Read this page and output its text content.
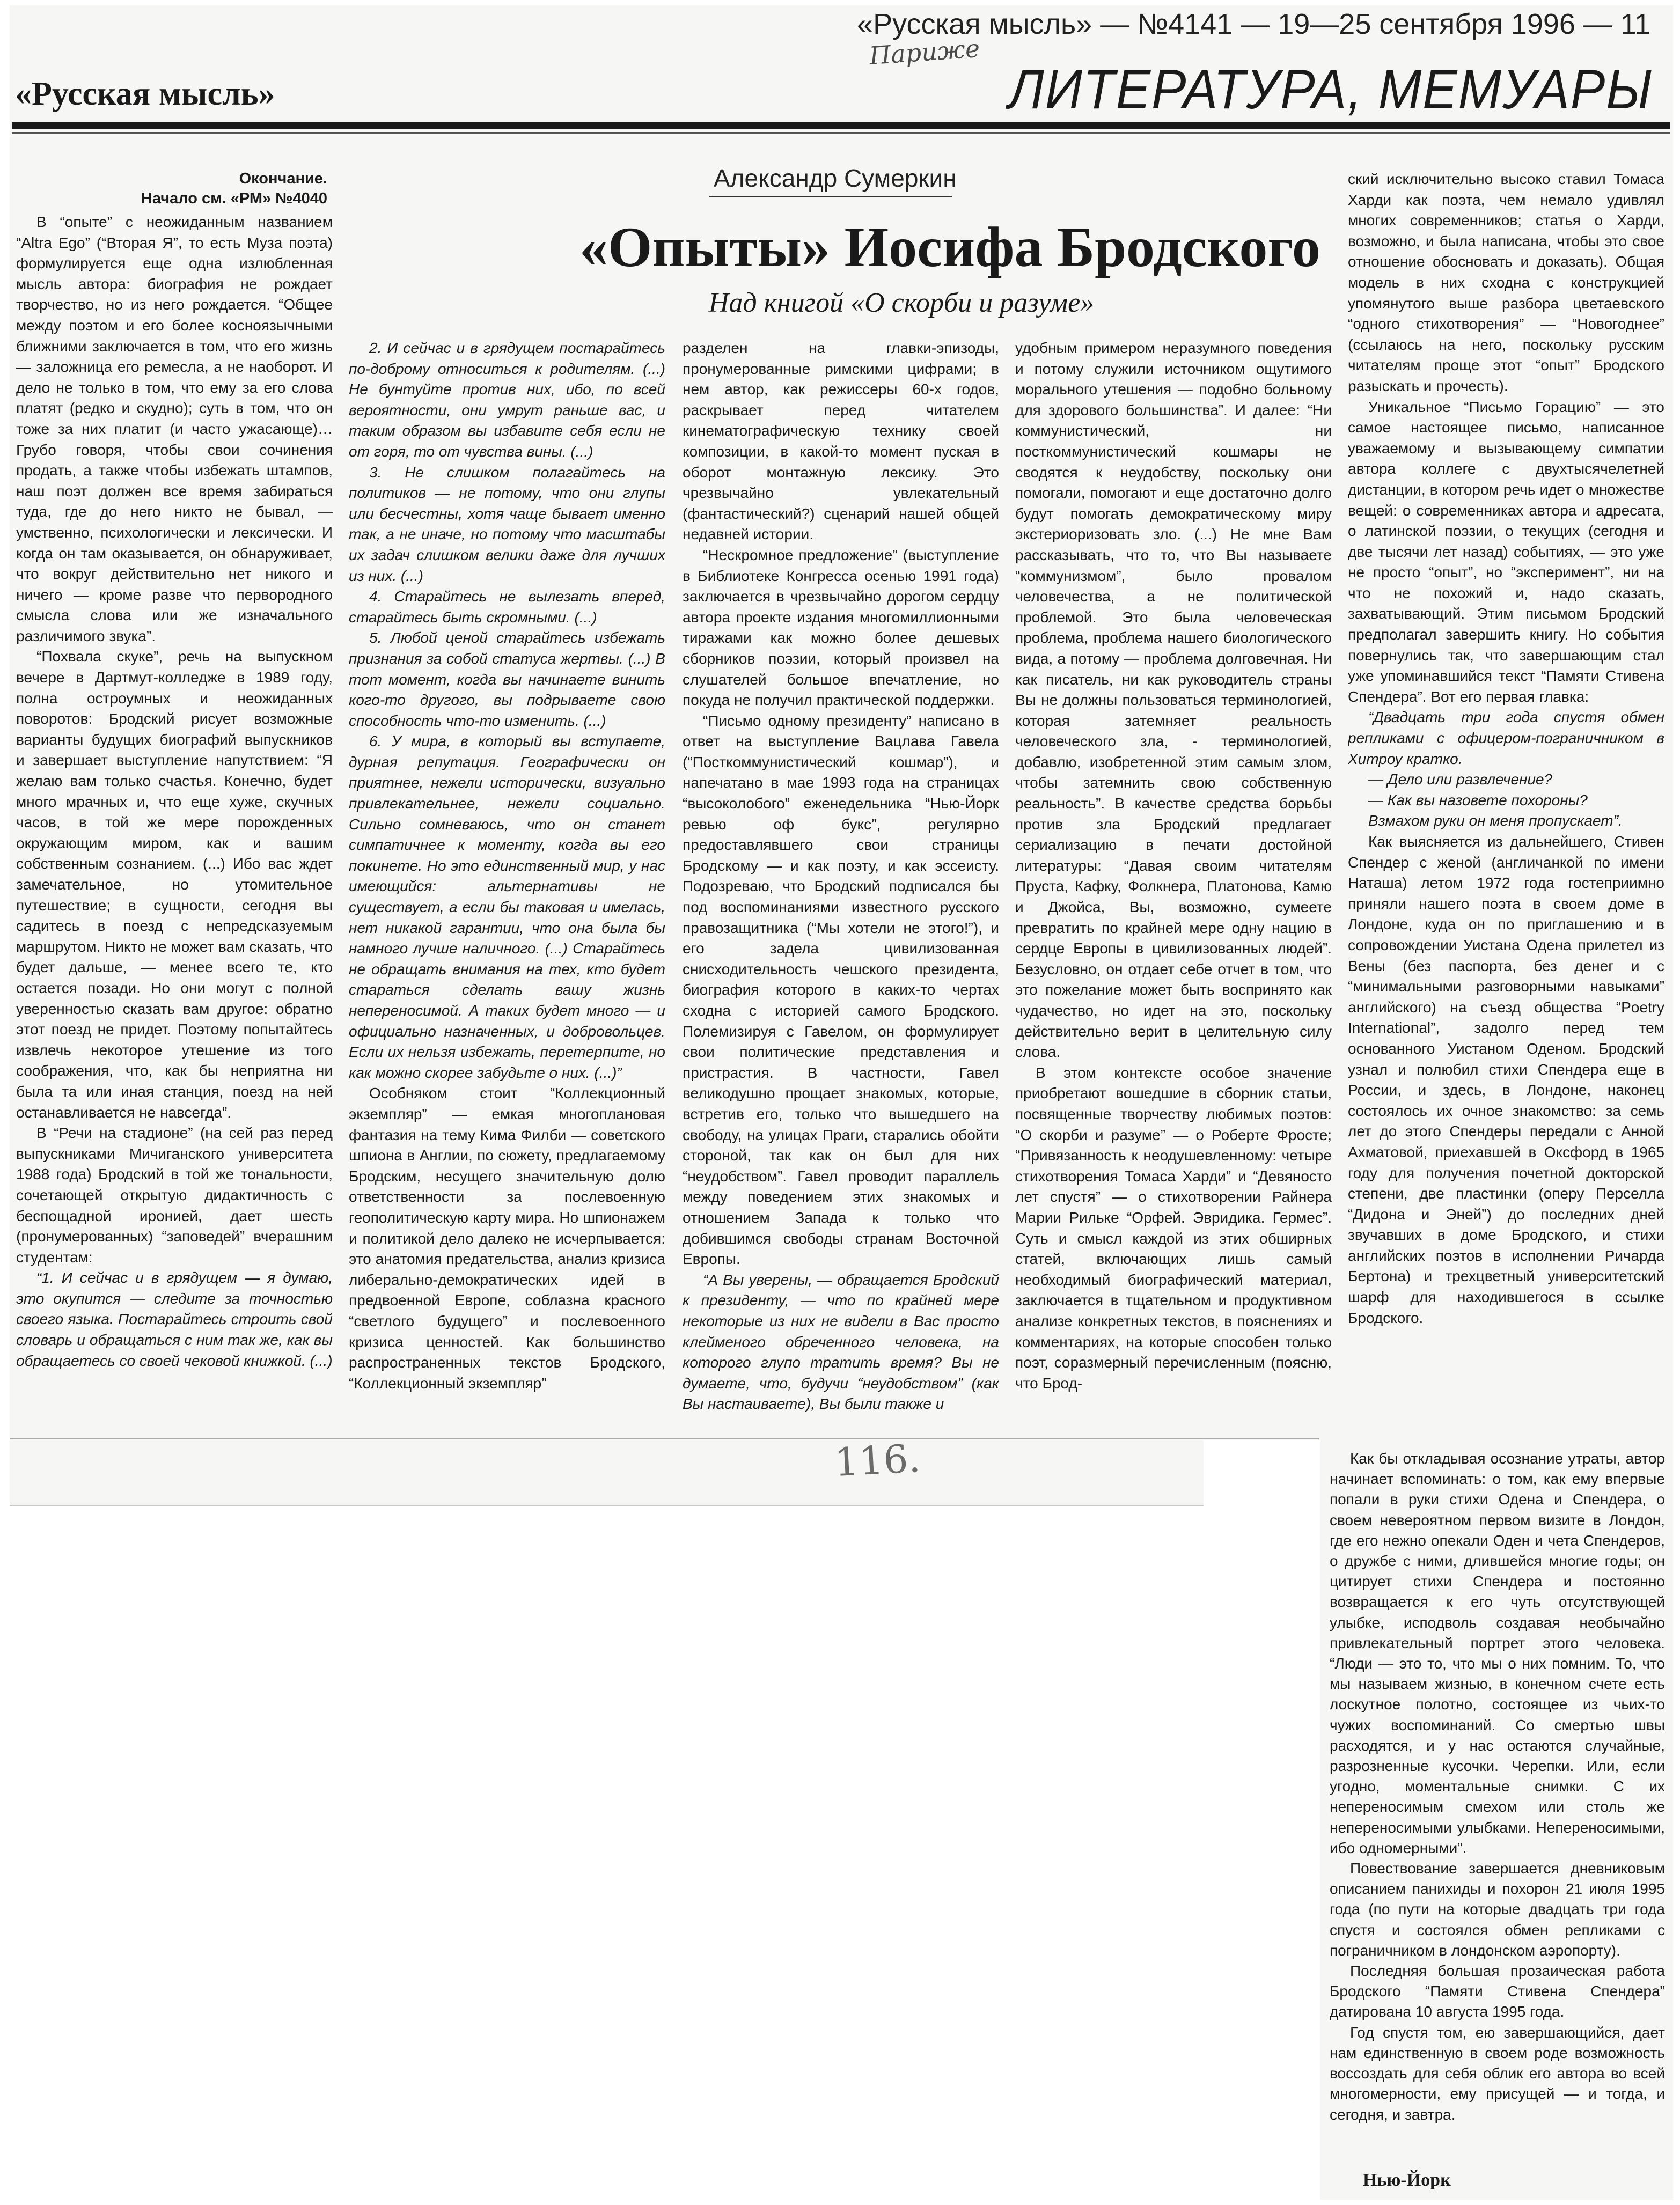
«Русская мысль» — №4141 — 19—25 сентября 1996 — 11
«Русская мысль»	ЛИТЕРАТУРА, МЕМУАРЫ
Париже
Александр Сумеркин
«Опыты» Иосифа Бродского
Над книгой «О скорби и разуме»
Окончание.
Начало см. «РМ» №4040

В “опыте” с неожиданным названием “Altra Ego” (“Вторая Я”, то есть Муза поэта) формулируется еще одна излюбленная мысль автора: биография не рождает творчество, но из него рождается. “Общее между поэтом и его более косноязычными ближними заключается в том, что его жизнь — заложница его ремесла, а не наоборот. И дело не только в том, что ему за его слова платят (редко и скудно); суть в том, что он тоже за них платит (и часто ужасающе)… Грубо говоря, чтобы свои сочинения продать, а также чтобы избежать штампов, наш поэт должен все время забираться туда, где до него никто не бывал, — умственно, психологически и лексически. И когда он там оказывается, он обнаруживает, что вокруг действительно нет никого и ничего — кроме разве что первородного смысла слова или же изначального различимого звука”.

“Похвала скуке”, речь на выпускном вечере в Дартмут-колледже в 1989 году, полна остроумных и неожиданных поворотов: Бродский рисует возможные варианты будущих биографий выпускников и завершает выступление напутствием: “Я желаю вам только счастья. Конечно, будет много мрачных и, что еще хуже, скучных часов, в той же мере порожденных окружающим миром, как и вашим собственным сознанием. (...) Ибо вас ждет замечательное, но утомительное путешествие; в сущности, сегодня вы садитесь в поезд с непредсказуемым маршрутом. Никто не может вам сказать, что будет дальше, — менее всего те, кто остается позади. Но они могут с полной уверенностью сказать вам другое: обратно этот поезд не придет. Поэтому попытайтесь извлечь некоторое утешение из того соображения, что, как бы неприятна ни была та или иная станция, поезд на ней останавливается не навсегда”.

В “Речи на стадионе” (на сей раз перед выпускниками Мичиганского университета 1988 года) Бродский в той же тональности, сочетающей открытую дидактичность с беспощадной иронией, дает шесть (пронумерованных) “заповедей” вчерашним студентам:

“1. И сейчас и в грядущем — я думаю, это окупится — следите за точностью своего языка. Постарайтесь строить свой словарь и обращаться с ним так же, как вы обращаетесь со своей чековой книжкой. (...)

2. И сейчас и в грядущем постарайтесь по-доброму относиться к родителям. (...) Не бунтуйте против них, ибо, по всей вероятности, они умрут раньше вас, и таким образом вы избавите себя если не от горя, то от чувства вины. (...)

3. Не слишком полагайтесь на политиков — не потому, что они глупы или бесчестны, хотя чаще бывает именно так, а не иначе, но потому что масштабы их задач слишком велики даже для лучших из них. (...)

4. Старайтесь не вылезать вперед, старайтесь быть скромными. (...)

5. Любой ценой старайтесь избежать признания за собой статуса жертвы. (...) В тот момент, когда вы начинаете винить кого-то другого, вы подрываете свою способность что-то изменить. (...)

6. У мира, в который вы вступаете, дурная репутация. Географически он приятнее, нежели исторически, визуально привлекательнее, нежели социально. Сильно сомневаюсь, что он станет симпатичнее к моменту, когда вы его покинете. Но это единственный мир, у нас имеющийся: альтернативы не существует, а если бы таковая и имелась, нет никакой гарантии, что она была бы намного лучше наличного. (...) Старайтесь не обращать внимания на тех, кто будет стараться сделать вашу жизнь непереносимой. А таких будет много — и официально назначенных, и добровольцев. Если их нельзя избежать, перетерпите, но как можно скорее забудьте о них. (...)”

Особняком стоит “Коллекционный экземпляр” — емкая многоплановая фантазия на тему Кима Филби — советского шпиона в Англии, по сюжету, предлагаемому Бродским, несущего значительную долю ответственности за послевоенную геополитическую карту мира. Но шпионажем и политикой дело далеко не исчерпывается: это анатомия предательства, анализ кризиса либерально-демократических идей в предвоенной Европе, соблазна красного “светлого будущего” и послевоенного кризиса ценностей. Как большинство распространенных текстов Бродского, “Коллекционный экземпляр”

разделен на главки-эпизоды, пронумерованные римскими цифрами; в нем автор, как режиссеры 60-х годов, раскрывает перед читателем кинематографическую технику своей композиции, в какой-то момент пуская в оборот монтажную лексику. Это чрезвычайно увлекательный (фантастический?) сценарий нашей общей недавней истории.

“Нескромное предложение” (выступление в Библиотеке Конгресса осенью 1991 года) заключается в чрезвычайно дорогом сердцу автора проекте издания многомиллионными тиражами как можно более дешевых сборников поэзии, который произвел на слушателей большое впечатление, но покуда не получил практической поддержки.

“Письмо одному президенту” написано в ответ на выступление Вацлава Гавела (“Посткоммунистический кошмар”), и напечатано в мае 1993 года на страницах “высоколобого” еженедельника “Нью-Йорк ревью оф букс”, регулярно предоставлявшего свои страницы Бродскому — и как поэту, и как эссеисту. Подозреваю, что Бродский подписался бы под воспоминаниями известного русского правозащитника (“Мы хотели не этого!”), и его задела цивилизованная снисходительность чешского президента, биография которого в каких-то чертах сходна с историей самого Бродского. Полемизируя с Гавелом, он формулирует свои политические представления и пристрастия. В частности, Гавел великодушно прощает знакомых, которые, встретив его, только что вышедшего на свободу, на улицах Праги, старались обойти стороной, так как он был для них “неудобством”. Гавел проводит параллель между поведением этих знакомых и отношением Запада к только что добившимся свободы странам Восточной Европы.

“А Вы уверены, — обращается Бродский к президенту, — что по крайней мере некоторые из них не видели в Вас просто клейменого обреченного человека, на которого глупо тратить время? Вы не думаете, что, будучи “неудобством” (как Вы настаиваете), Вы были также и

удобным примером неразумного поведения и потому служили источником ощутимого морального утешения — подобно больному для здорового большинства”. И далее: “Ни коммунистический, ни посткоммунистический кошмары не сводятся к неудобству, поскольку они помогали, помогают и еще достаточно долго будут помогать демократическому миру экстериоризовать зло. (...) Не мне Вам рассказывать, что то, что Вы называете “коммунизмом”, было провалом человечества, а не политической проблемой. Это была человеческая проблема, проблема нашего биологического вида, а потому — проблема долговечная. Ни как писатель, ни как руководитель страны Вы не должны пользоваться терминологией, которая затемняет реальность человеческого зла, - терминологией, добавлю, изобретенной этим самым злом, чтобы затемнить свою собственную реальность”. В качестве средства борьбы против зла Бродский предлагает сериализацию в печати достойной литературы: “Давая своим читателям Пруста, Кафку, Фолкнера, Платонова, Камю и Джойса, Вы, возможно, сумеете превратить по крайней мере одну нацию в сердце Европы в цивилизованных людей”. Безусловно, он отдает себе отчет в том, что это пожелание может быть воспринято как чудачество, но идет на это, поскольку действительно верит в целительную силу слова.

В этом контексте особое значение приобретают вошедшие в сборник статьи, посвященные творчеству любимых поэтов: “О скорби и разуме” — о Роберте Фросте; “Привязанность к неодушевленному: четыре стихотворения Томаса Харди” и “Девяносто лет спустя” — о стихотворении Райнера Марии Рильке “Орфей. Эвридика. Гермес”. Суть и смысл каждой из этих обширных статей, включающих лишь самый необходимый биографический материал, заключается в тщательном и продуктивном анализе конкретных текстов, в пояснениях и комментариях, на которые способен только поэт, соразмерный перечисленным (поясню, что Брод-

ский исключительно высоко ставил Томаса Харди как поэта, чем немало удивлял многих современников; статья о Харди, возможно, и была написана, чтобы это свое отношение обосновать и доказать). Общая модель в них сходна с конструкцией упомянутого выше разбора цветаевского “одного стихотворения” — “Новогоднее” (ссылаюсь на него, поскольку русским читателям проще этот “опыт” Бродского разыскать и прочесть).

Уникальное “Письмо Горацию” — это самое настоящее письмо, написанное уважаемому и вызывающему симпатии автора коллеге с двухтысячелетней дистанции, в котором речь идет о множестве вещей: о современниках автора и адресата, о латинской поэзии, о текущих (сегодня и две тысячи лет назад) событиях, — это уже не просто “опыт”, но “эксперимент”, ни на что не похожий и, надо сказать, захватывающий. Этим письмом Бродский предполагал завершить книгу. Но события повернулись так, что завершающим стал уже упоминавшийся текст “Памяти Стивена Спендера”. Вот его первая главка:

“Двадцать три года спустя обмен репликами с офицером-пограничником в Хитроу кратко.

— Дело или развлечение?

— Как вы назовете похороны?

Взмахом руки он меня пропускает”.

Как выясняется из дальнейшего, Стивен Спендер с женой (англичанкой по имени Наташа) летом 1972 года гостеприимно приняли нашего поэта в своем доме в Лондоне, куда он по приглашению и в сопровождении Уистана Одена прилетел из Вены (без паспорта, без денег и с “минимальными разговорными навыками” английского) на съезд общества “Poetry International”, задолго перед тем основанного Уистаном Оденом. Бродский узнал и полюбил стихи Спендера еще в России, и здесь, в Лондоне, наконец состоялось их очное знакомство: за семь лет до этого Спендеры передали с Анной Ахматовой, приехавшей в Оксфорд в 1965 году для получения почетной докторской степени, две пластинки (оперу Перселла “Дидона и Эней”) до последних дней звучавших в доме Бродского, и стихи английских поэтов в исполнении Ричарда Бертона) и трехцветный университетский шарф для находившегося в ссылке Бродского.

Как бы откладывая осознание утраты, автор начинает вспоминать: о том, как ему впервые попали в руки стихи Одена и Спендера, о своем невероятном первом визите в Лондон, где его нежно опекали Оден и чета Спендеров, о дружбе с ними, длившейся многие годы; он цитирует стихи Спендера и постоянно возвращается к его чуть отсутствующей улыбке, исподволь создавая необычайно привлекательный портрет этого человека. “Люди — это то, что мы о них помним. То, что мы называем жизнью, в конечном счете есть лоскутное полотно, состоящее из чьих-то чужих воспоминаний. Со смертью швы расходятся, и у нас остаются случайные, разрозненные кусочки. Черепки. Или, если угодно, моментальные снимки. С их непереносимым смехом или столь же непереносимыми улыбками. Непереносимыми, ибо одномерными”.

Повествование завершается дневниковым описанием панихиды и похорон 21 июля 1995 года (по пути на которые двадцать три года спустя и состоялся обмен репликами с пограничником в лондонском аэропорту).

Последняя большая прозаическая работа Бродского “Памяти Стивена Спендера” датирована 10 августа 1995 года.

Год спустя том, ею завершающийся, дает нам единственную в своем роде возможность воссоздать для себя облик его автора во всей многомерности, ему присущей — и тогда, и сегодня, и завтра.

116.
Нью-Йорк
